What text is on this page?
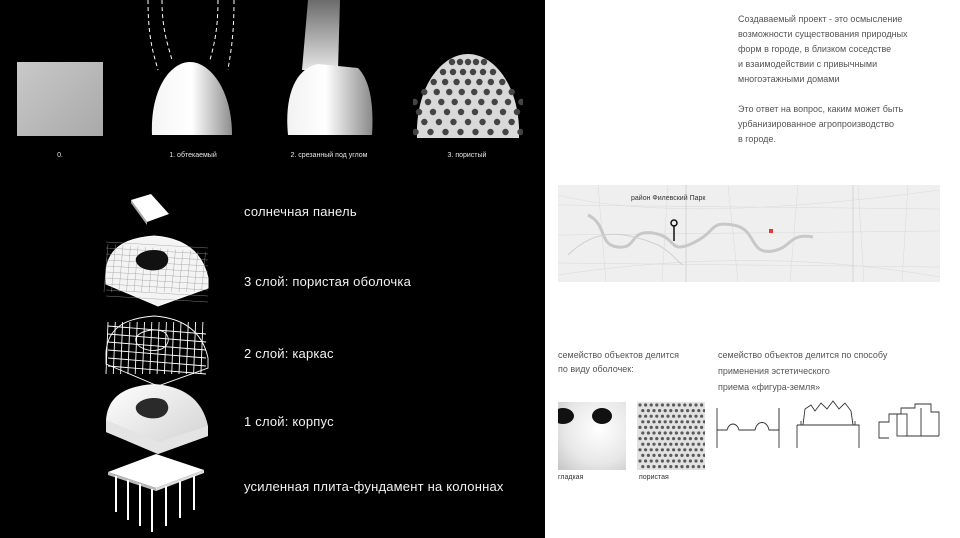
0.	1. обтекаемый	2. срезанный под углом	3. пористый
солнечная панель
3 слой: пористая оболочка
2 слой: каркас
1 слой: корпус
усиленная плита-фундамент на колоннах
Создаваемый проект - это осмысление
возможности существования природных
форм в городе, в близком соседстве
и взаимодействии с привычными
многоэтажными домами
Это ответ на вопрос, каким может быть
урбанизированное агропроизводство
в городе.
район Филевский Парк
семейство объектов делится
по виду оболочек:
семейство объектов делится по способу
применения эстетического
приема «фигура-земля»
гладкая	пористая
